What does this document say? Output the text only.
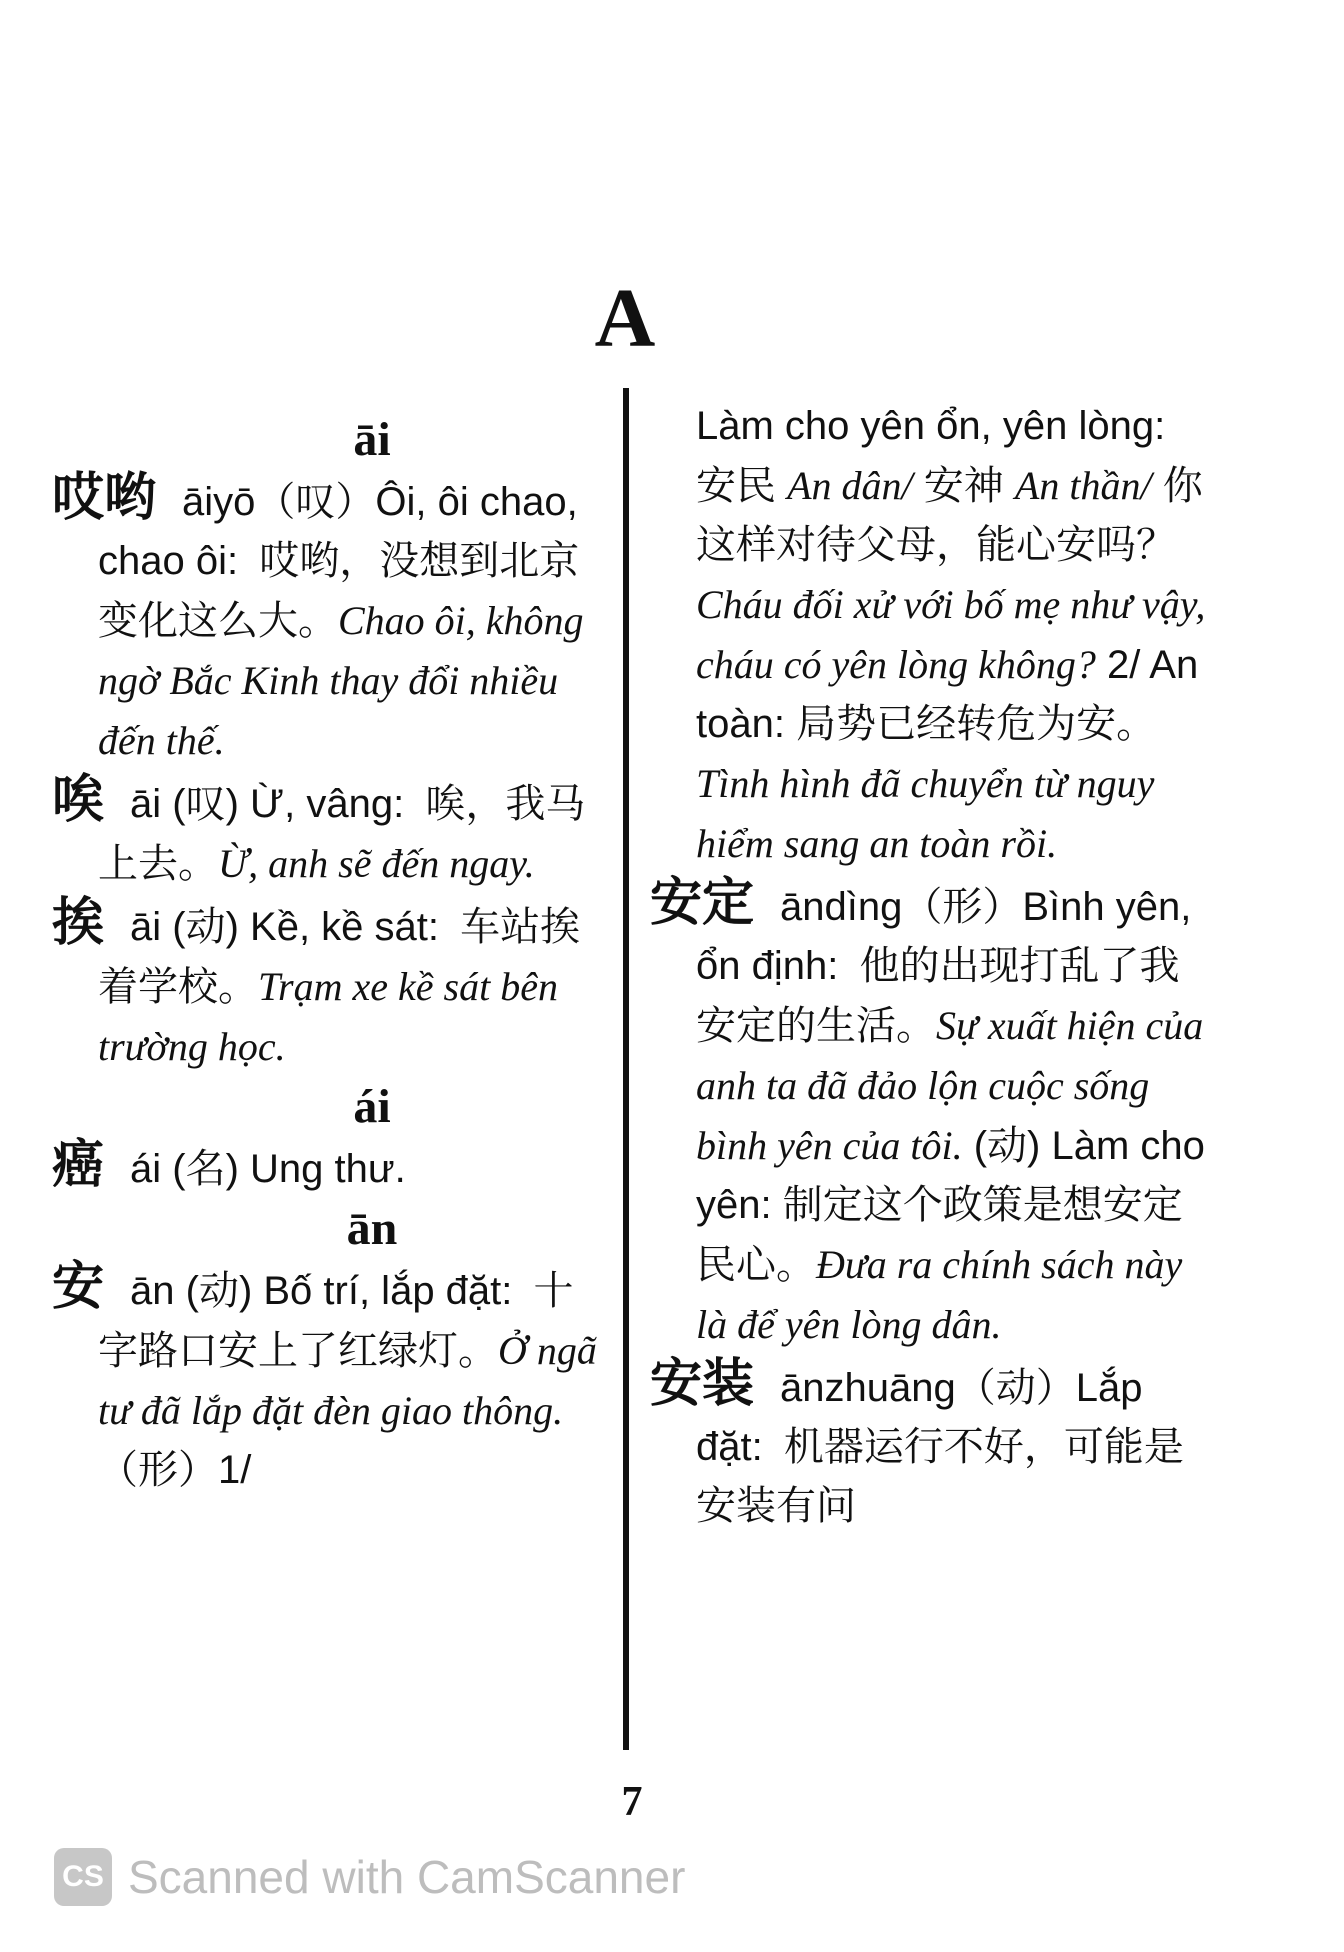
A

āi

哎哟 āiyō（叹）Ôi, ôi chao, chao ôi: 哎哟，没想到北京变化这么大。Chao ôi, không ngờ Bắc Kinh thay đổi nhiều đến thế.

唉 āi (叹) Ừ, vâng: 唉，我马上去。Ừ, anh sẽ đến ngay.

挨 āi (动) Kề, kề sát: 车站挨着学校。Trạm xe kề sát bên trường học.

ái

癌 ái (名) Ung thư.

ān

安 ān (动) Bố trí, lắp đặt: 十字路口安上了红绿灯。Ở ngã tư đã lắp đặt đèn giao thông. （形）1/

Làm cho yên ổn, yên lòng: 安民 An dân/ 安神 An thần/ 你这样对待父母，能心安吗？ Cháu đối xử với bố mẹ như vậy, cháu có yên lòng không? 2/ An toàn: 局势已经转危为安。 Tình hình đã chuyển từ nguy hiểm sang an toàn rồi.

安定 āndìng（形）Bình yên, ổn định: 他的出现打乱了我安定的生活。Sự xuất hiện của anh ta đã đảo lộn cuộc sống bình yên của tôi. (动) Làm cho yên: 制定这个政策是想安定民心。Đưa ra chính sách này là để yên lòng dân.

安装 ānzhuāng（动）Lắp đặt: 机器运行不好，可能是安装有问

7
CS Scanned with CamScanner
